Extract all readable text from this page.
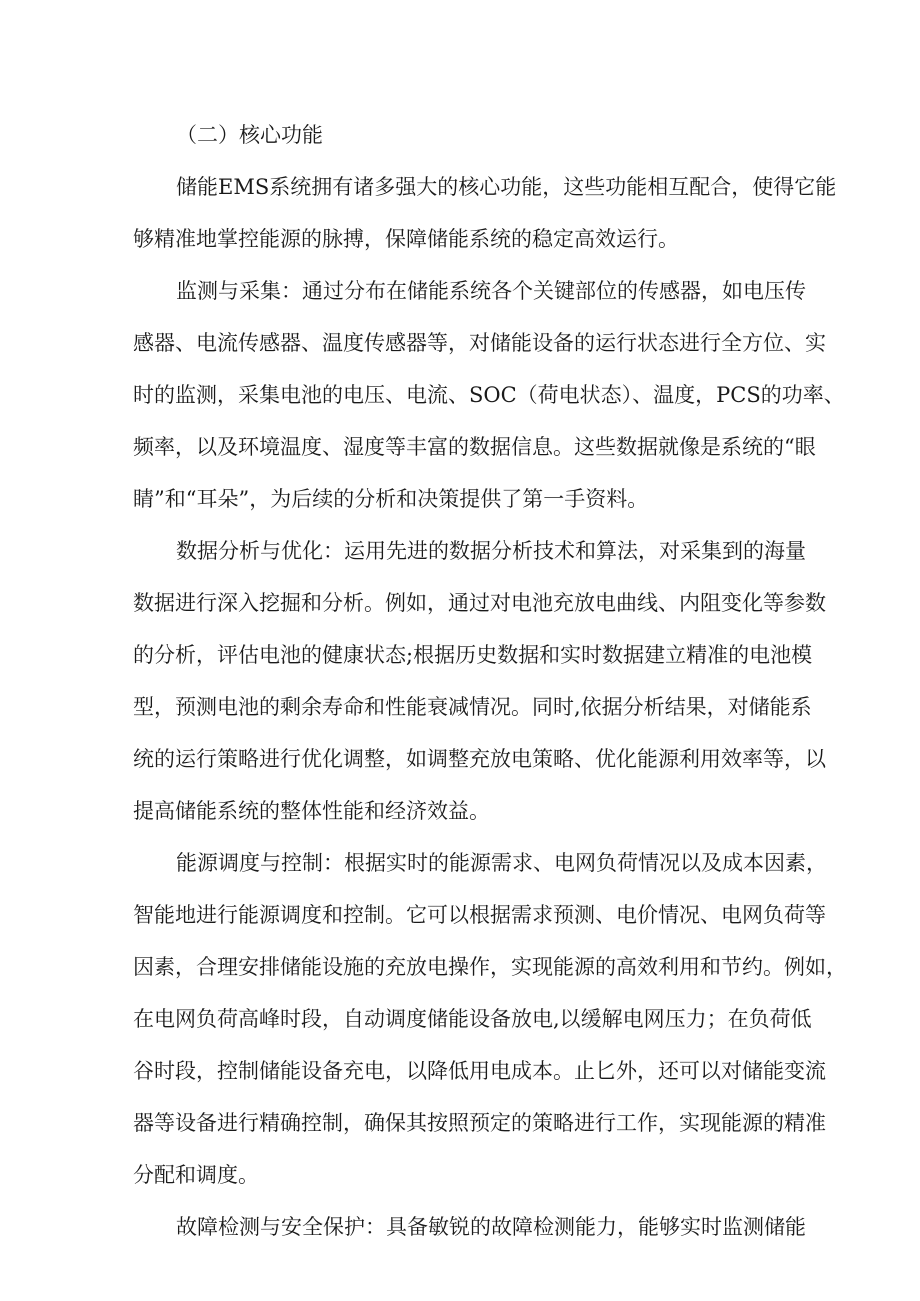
（二）核心功能
储能EMS系统拥有诸多强大的核心功能，这些功能相互配合，使得它能
够精准地掌控能源的脉搏，保障储能系统的稳定高效运行。
监测与采集：通过分布在储能系统各个关键部位的传感器，如电压传
感器、电流传感器、温度传感器等，对储能设备的运行状态进行全方位、实
时的监测，采集电池的电压、电流、SOC（荷电状态）、温度，PCS的功率、
频率，以及环境温度、湿度等丰富的数据信息。这些数据就像是系统的“眼
睛”和“耳朵”，为后续的分析和决策提供了第一手资料。
数据分析与优化：运用先进的数据分析技术和算法，对采集到的海量
数据进行深入挖掘和分析。例如，通过对电池充放电曲线、内阻变化等参数
的分析，评估电池的健康状态;根据历史数据和实时数据建立精准的电池模
型，预测电池的剩余寿命和性能衰减情况。同时,依据分析结果，对储能系
统的运行策略进行优化调整，如调整充放电策略、优化能源利用效率等，以
提高储能系统的整体性能和经济效益。
能源调度与控制：根据实时的能源需求、电网负荷情况以及成本因素，
智能地进行能源调度和控制。它可以根据需求预测、电价情况、电网负荷等
因素，合理安排储能设施的充放电操作，实现能源的高效利用和节约。例如，
在电网负荷高峰时段，自动调度储能设备放电,以缓解电网压力；在负荷低
谷时段，控制储能设备充电，以降低用电成本。止匕外，还可以对储能变流
器等设备进行精确控制，确保其按照预定的策略进行工作，实现能源的精准
分配和调度。
故障检测与安全保护：具备敏锐的故障检测能力，能够实时监测储能
